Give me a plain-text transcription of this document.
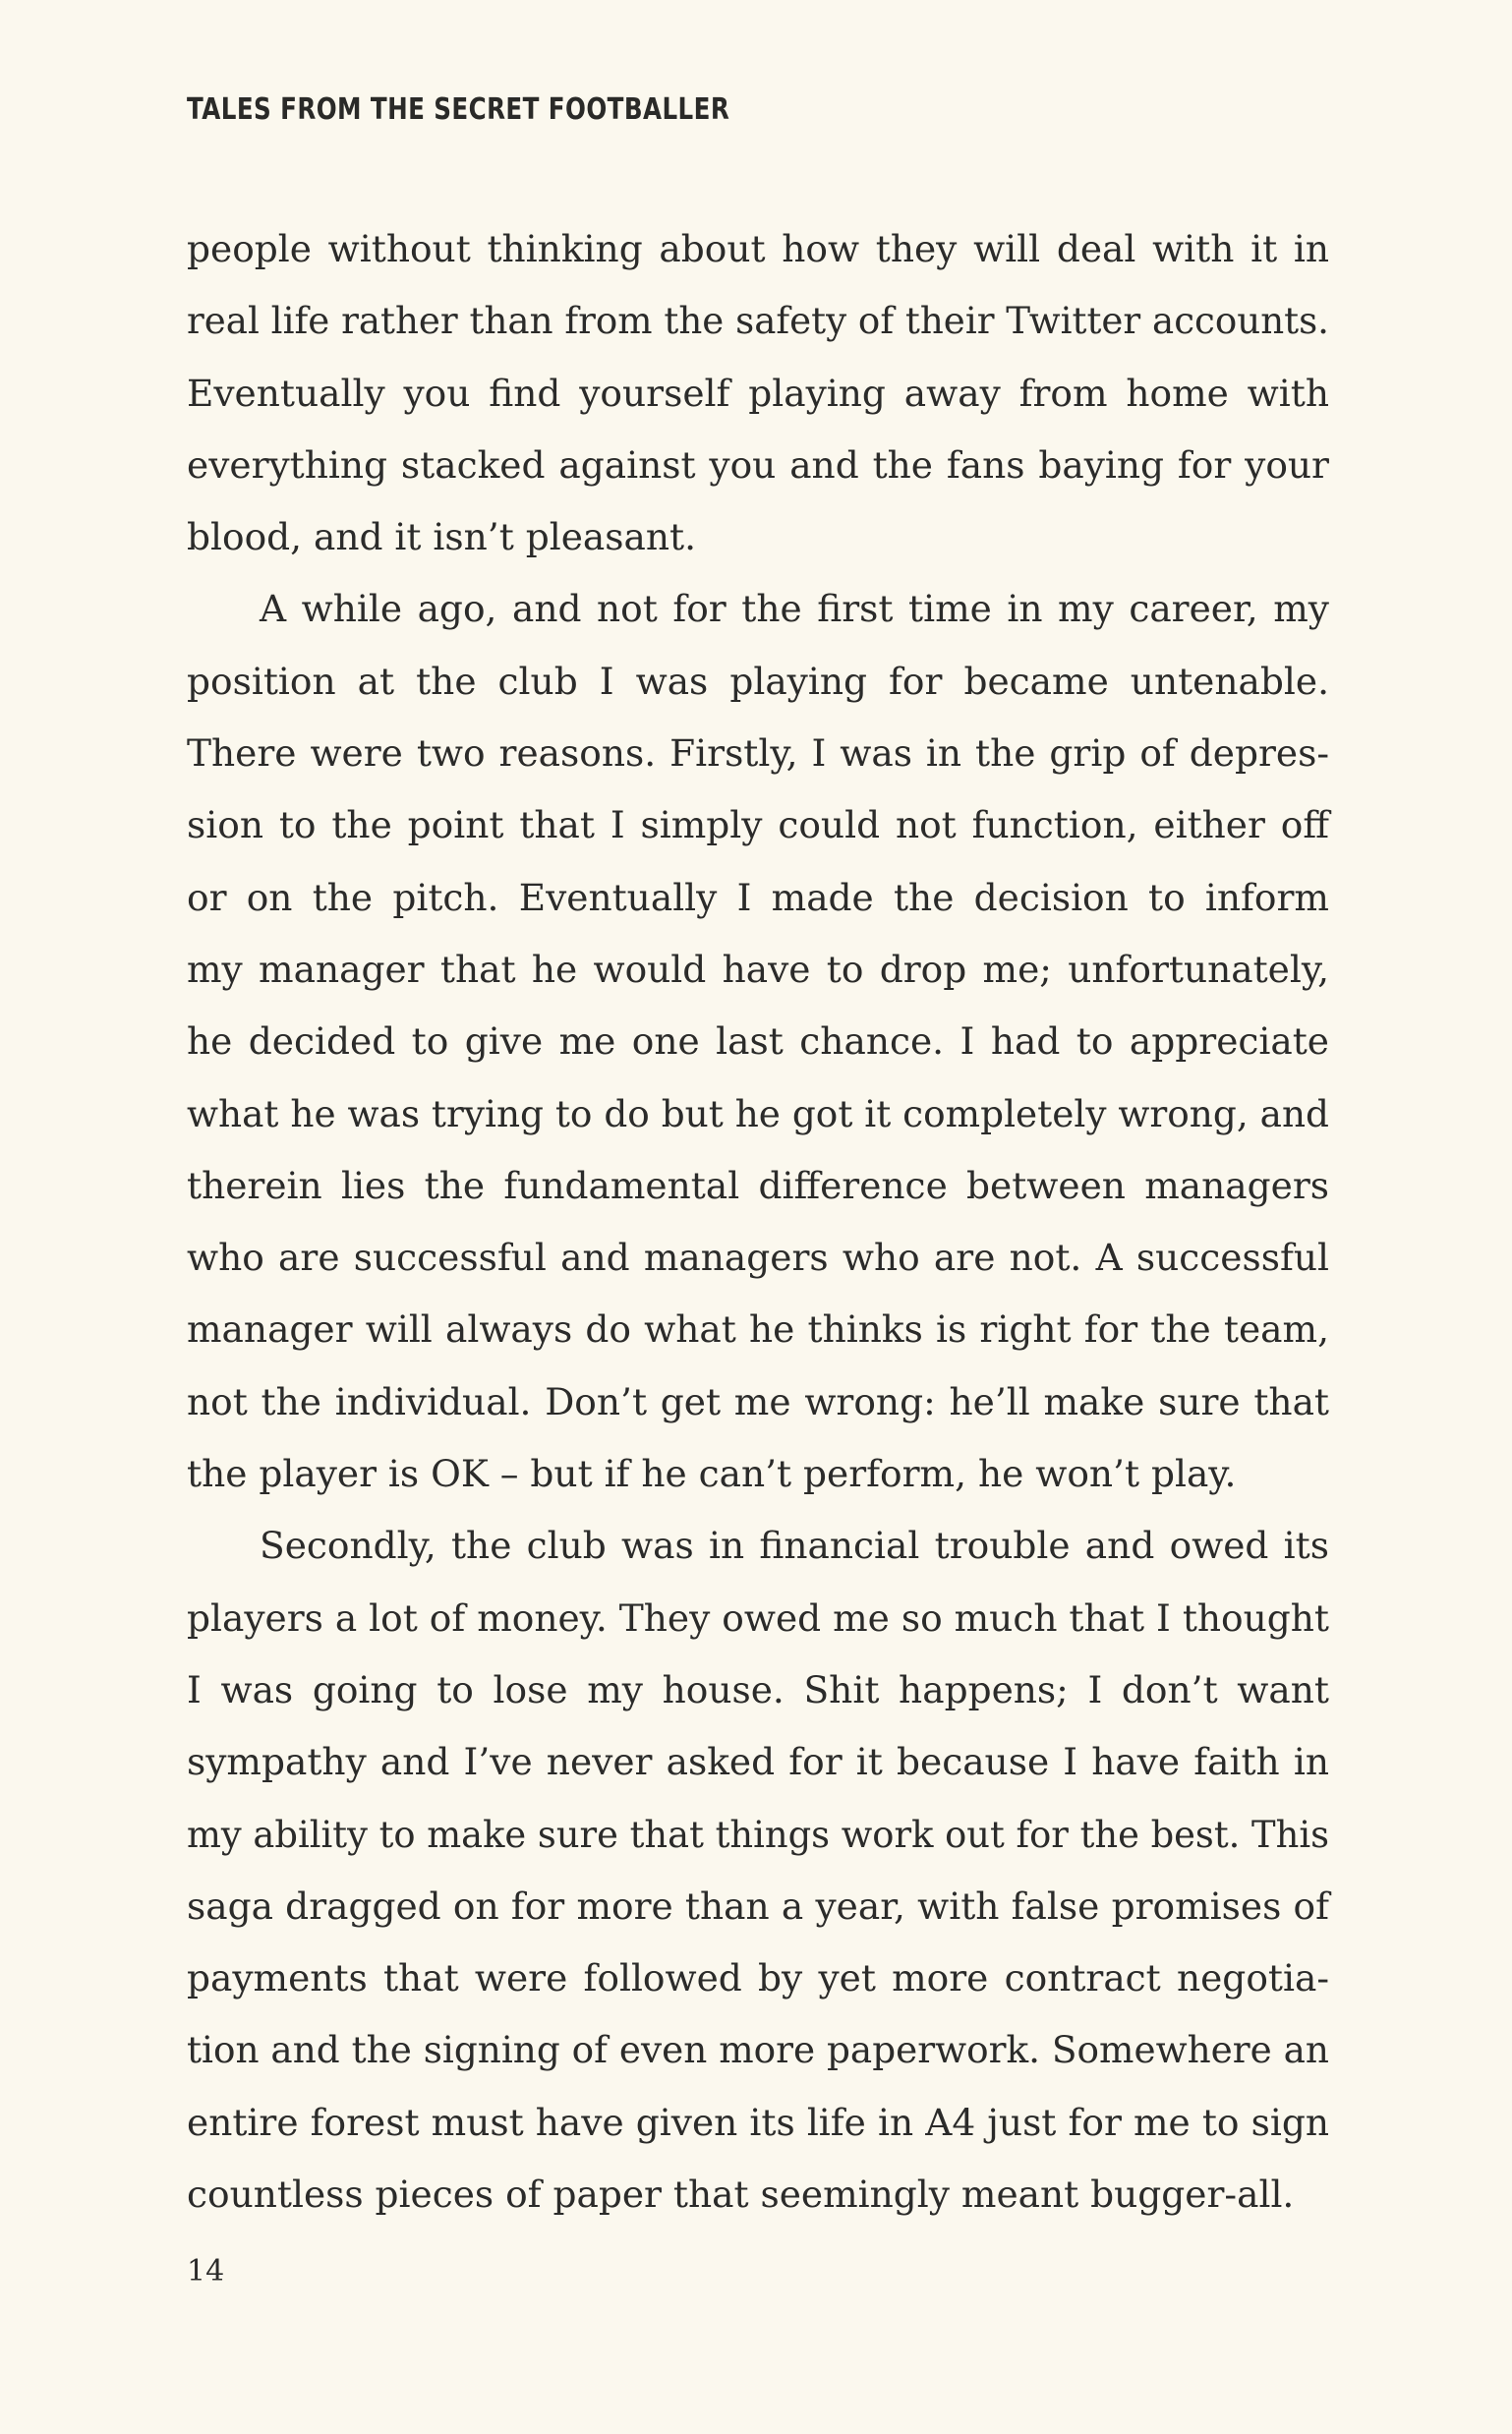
TALES FROM THE SECRET FOOTBALLER
people without thinking about how they will deal with it in
real life rather than from the safety of their Twitter accounts.
Eventually you find yourself playing away from home with
everything stacked against you and the fans baying for your
blood, and it isn’t pleasant.
A while ago, and not for the first time in my career, my
position at the club I was playing for became untenable.
There were two reasons. Firstly, I was in the grip of depres-
sion to the point that I simply could not function, either off
or on the pitch. Eventually I made the decision to inform
my manager that he would have to drop me; unfortunately,
he decided to give me one last chance. I had to appreciate
what he was trying to do but he got it completely wrong, and
therein lies the fundamental difference between managers
who are successful and managers who are not. A successful
manager will always do what he thinks is right for the team,
not the individual. Don’t get me wrong: he’ll make sure that
the player is OK – but if he can’t perform, he won’t play.
Secondly, the club was in financial trouble and owed its
players a lot of money. They owed me so much that I thought
I was going to lose my house. Shit happens; I don’t want
sympathy and I’ve never asked for it because I have faith in
my ability to make sure that things work out for the best. This
saga dragged on for more than a year, with false promises of
payments that were followed by yet more contract negotia-
tion and the signing of even more paperwork. Somewhere an
entire forest must have given its life in A4 just for me to sign
countless pieces of paper that seemingly meant bugger-all.
14
